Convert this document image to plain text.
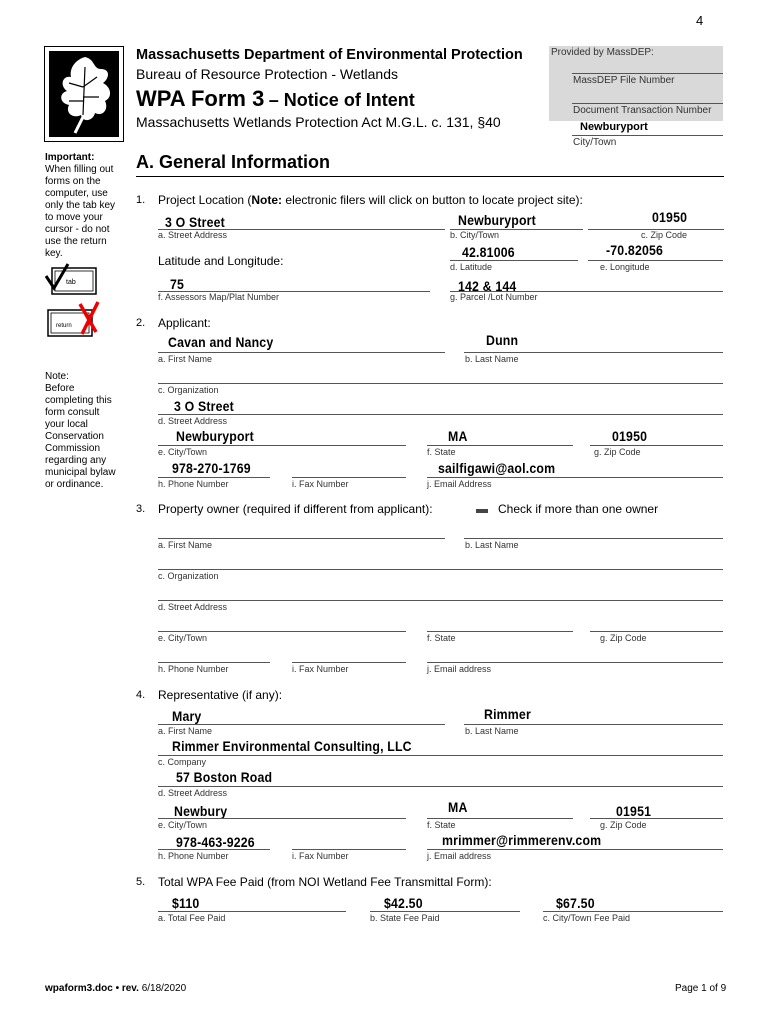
4
Massachusetts Department of Environmental Protection
Bureau of Resource Protection - Wetlands
WPA Form 3 – Notice of Intent
Massachusetts Wetlands Protection Act M.G.L. c. 131, §40
Provided by MassDEP:
MassDEP File Number
Document Transaction Number
Newburyport
City/Town
Important:
When filling out forms on the computer, use only the tab key to move your cursor - do not use the return key.
tab
return
Note:
Before completing this form consult your local Conservation Commission regarding any municipal bylaw or ordinance.
A. General Information
1. Project Location (Note: electronic filers will click on button to locate project site):
3 O Street
a. Street Address
Newburyport
b. City/Town
01950
c. Zip Code
Latitude and Longitude:
42.81006
d. Latitude
-70.82056
e. Longitude
75
f. Assessors Map/Plat Number
142 & 144
g. Parcel /Lot Number
2. Applicant:
Cavan and Nancy
a. First Name
Dunn
b. Last Name
c. Organization
3 O Street
d. Street Address
Newburyport
e. City/Town
MA
f. State
01950
g. Zip Code
978-270-1769
h. Phone Number	i. Fax Number
sailfigawi@aol.com
j. Email Address
3. Property owner (required if different from applicant):	Check if more than one owner
a. First Name	b. Last Name
c. Organization
d. Street Address
e. City/Town	f. State	g. Zip Code
h. Phone Number	i. Fax Number	j. Email address
4. Representative (if any):
Mary
a. First Name
Rimmer
b. Last Name
Rimmer Environmental Consulting, LLC
c. Company
57 Boston Road
d. Street Address
Newbury
e. City/Town
MA
f. State
01951
g. Zip Code
978-463-9226
h. Phone Number	i. Fax Number
mrimmer@rimmerenv.com
j. Email address
5. Total WPA Fee Paid (from NOI Wetland Fee Transmittal Form):
$110
a. Total Fee Paid
$42.50
b. State Fee Paid
$67.50
c. City/Town Fee Paid
wpaform3.doc • rev. 6/18/2020	Page 1 of 9
